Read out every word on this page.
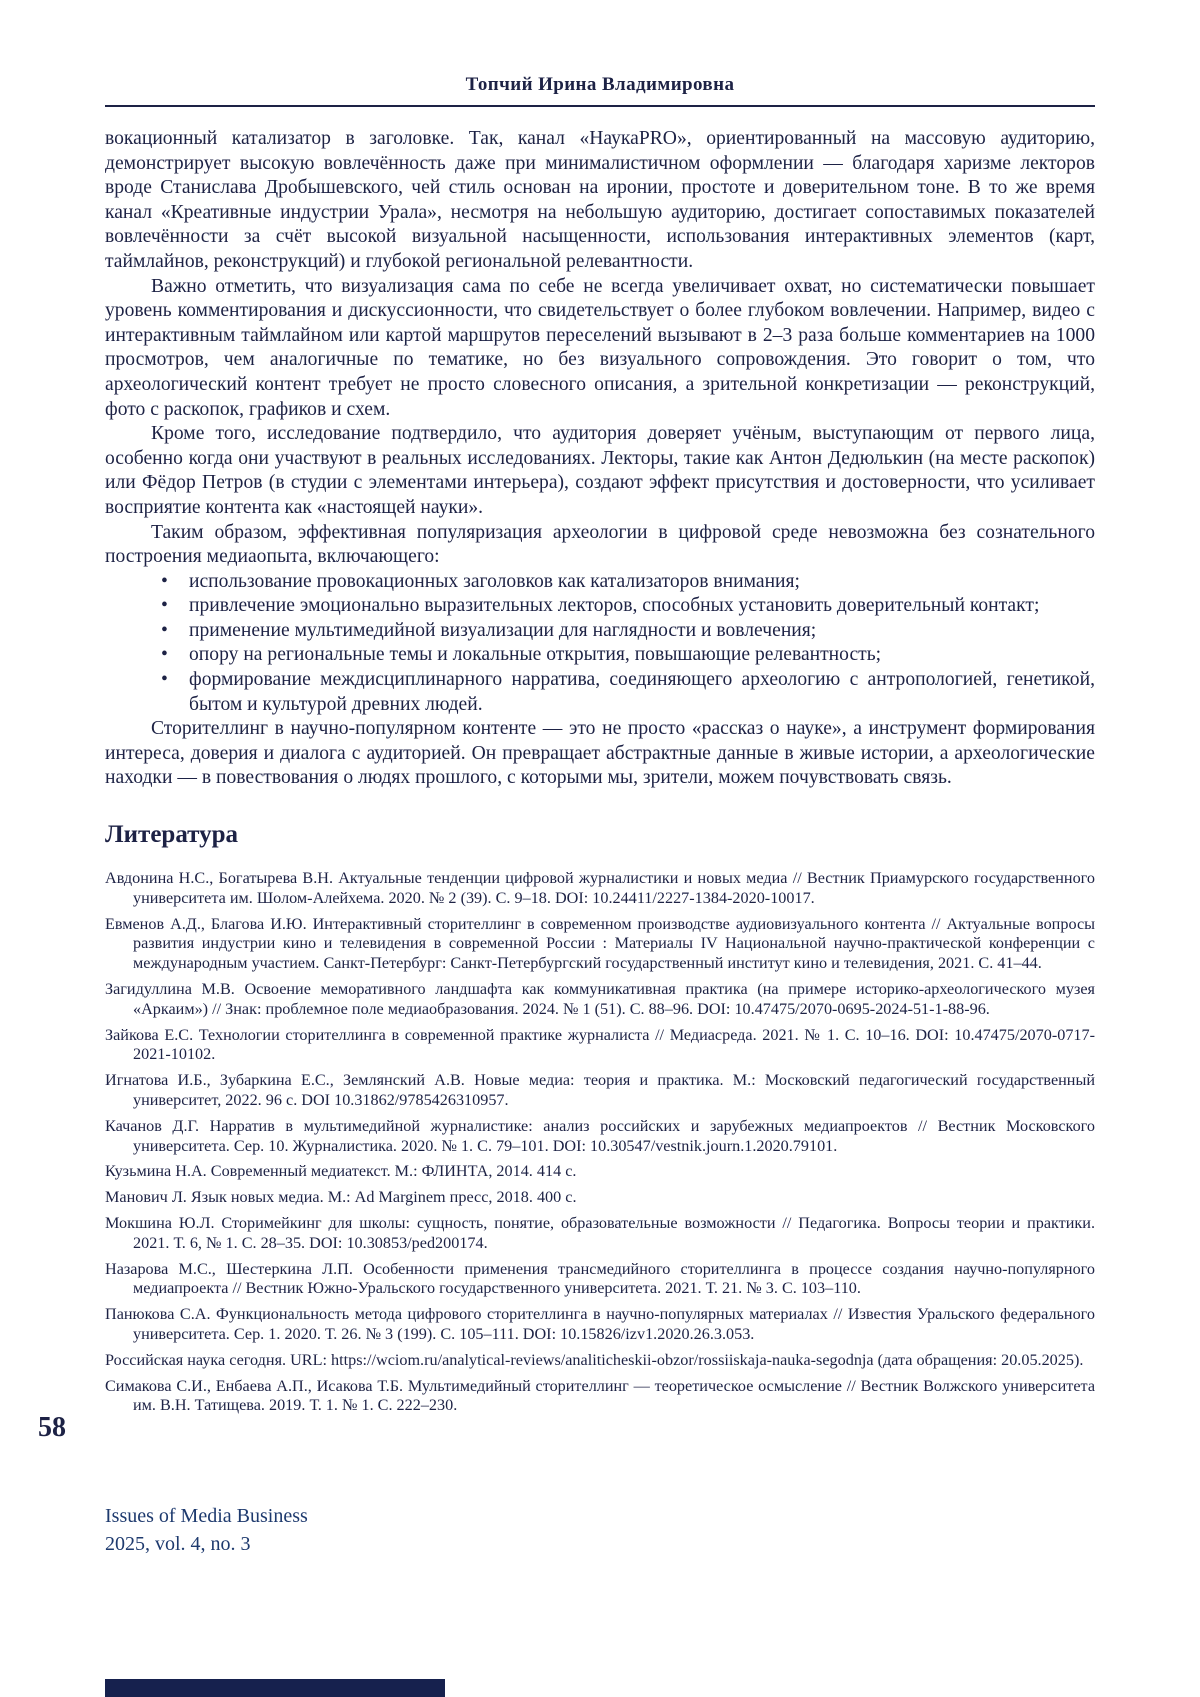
Топчий Ирина Владимировна

вокационный катализатор в заголовке. Так, канал «НаукаPRO», ориентированный на массовую аудиторию, демонстрирует высокую вовлечённость даже при минималистичном оформлении — благодаря харизме лекторов вроде Станислава Дробышевского, чей стиль основан на иронии, простоте и доверительном тоне. В то же время канал «Креативные индустрии Урала», несмотря на небольшую аудиторию, достигает сопоставимых показателей вовлечённости за счёт высокой визуальной насыщенности, использования интерактивных элементов (карт, таймлайнов, реконструкций) и глубокой региональной релевантности.

Важно отметить, что визуализация сама по себе не всегда увеличивает охват, но систематически повышает уровень комментирования и дискуссионности, что свидетельствует о более глубоком вовлечении. Например, видео с интерактивным таймлайном или картой маршрутов переселений вызывают в 2–3 раза больше комментариев на 1000 просмотров, чем аналогичные по тематике, но без визуального сопровождения. Это говорит о том, что археологический контент требует не просто словесного описания, а зрительной конкретизации — реконструкций, фото с раскопок, графиков и схем.

Кроме того, исследование подтвердило, что аудитория доверяет учёным, выступающим от первого лица, особенно когда они участвуют в реальных исследованиях. Лекторы, такие как Антон Дедюлькин (на месте раскопок) или Фёдор Петров (в студии с элементами интерьера), создают эффект присутствия и достоверности, что усиливает восприятие контента как «настоящей науки».

Таким образом, эффективная популяризация археологии в цифровой среде невозможна без сознательного построения медиаопыта, включающего:

• использование провокационных заголовков как катализаторов внимания;
• привлечение эмоционально выразительных лекторов, способных установить доверительный контакт;
• применение мультимедийной визуализации для наглядности и вовлечения;
• опору на региональные темы и локальные открытия, повышающие релевантность;
• формирование междисциплинарного нарратива, соединяющего археологию с антропологией, генетикой, бытом и культурой древних людей.

Сторителлинг в научно-популярном контенте — это не просто «рассказ о науке», а инструмент формирования интереса, доверия и диалога с аудиторией. Он превращает абстрактные данные в живые истории, а археологические находки — в повествования о людях прошлого, с которыми мы, зрители, можем почувствовать связь.

Литература

Авдонина Н.С., Богатырева В.Н. Актуальные тенденции цифровой журналистики и новых медиа // Вестник Приамурского государственного университета им. Шолом-Алейхема. 2020. № 2 (39). С. 9–18. DOI: 10.24411/2227-1384-2020-10017.

Евменов А.Д., Благова И.Ю. Интерактивный сторителлинг в современном производстве аудиовизуального контента // Актуальные вопросы развития индустрии кино и телевидения в современной России : Материалы IV Национальной научно-практической конференции с международным участием. Санкт-Петербург: Санкт-Петербургский государственный институт кино и телевидения, 2021. С. 41–44.

Загидуллина М.В. Освоение меморативного ландшафта как коммуникативная практика (на примере историко-археологического музея «Аркаим») // Знак: проблемное поле медиаобразования. 2024. № 1 (51). С. 88–96. DOI: 10.47475/2070-0695-2024-51-1-88-96.

Зайкова Е.С. Технологии сторителлинга в современной практике журналиста // Медиасреда. 2021. № 1. С. 10–16. DOI: 10.47475/2070-0717-2021-10102.

Игнатова И.Б., Зубаркина Е.С., Землянский А.В. Новые медиа: теория и практика. М.: Московский педагогический государственный университет, 2022. 96 с. DOI 10.31862/9785426310957.

Качанов Д.Г. Нарратив в мультимедийной журналистике: анализ российских и зарубежных медиапроектов // Вестник Московского университета. Сер. 10. Журналистика. 2020. № 1. С. 79–101. DOI: 10.30547/vestnik.journ.1.2020.79101.

Кузьмина Н.А. Современный медиатекст. М.: ФЛИНТА, 2014. 414 с.

Манович Л. Язык новых медиа. М.: Ad Marginem пресс, 2018. 400 с.

Мокшина Ю.Л. Сторимейкинг для школы: сущность, понятие, образовательные возможности // Педагогика. Вопросы теории и практики. 2021. Т. 6, № 1. С. 28–35. DOI: 10.30853/ped200174.

Назарова М.С., Шестеркина Л.П. Особенности применения трансмедийного сторителлинга в процессе создания научно-популярного медиапроекта // Вестник Южно-Уральского государственного университета. 2021. Т. 21. № 3. С. 103–110.

Панюкова С.А. Функциональность метода цифрового сторителлинга в научно-популярных материалах // Известия Уральского федерального университета. Сер. 1. 2020. Т. 26. № 3 (199). С. 105–111. DOI: 10.15826/izv1.2020.26.3.053.

Российская наука сегодня. URL: https://wciom.ru/analytical-reviews/analiticheskii-obzor/rossiiskaja-nauka-segodnja (дата обращения: 20.05.2025).

Симакова С.И., Енбаева А.П., Исакова Т.Б. Мультимедийный сторителлинг — теоретическое осмысление // Вестник Волжского университета им. В.Н. Татищева. 2019. Т. 1. № 1. С. 222–230.

58
Issues of Media Business
2025, vol. 4, no. 3
